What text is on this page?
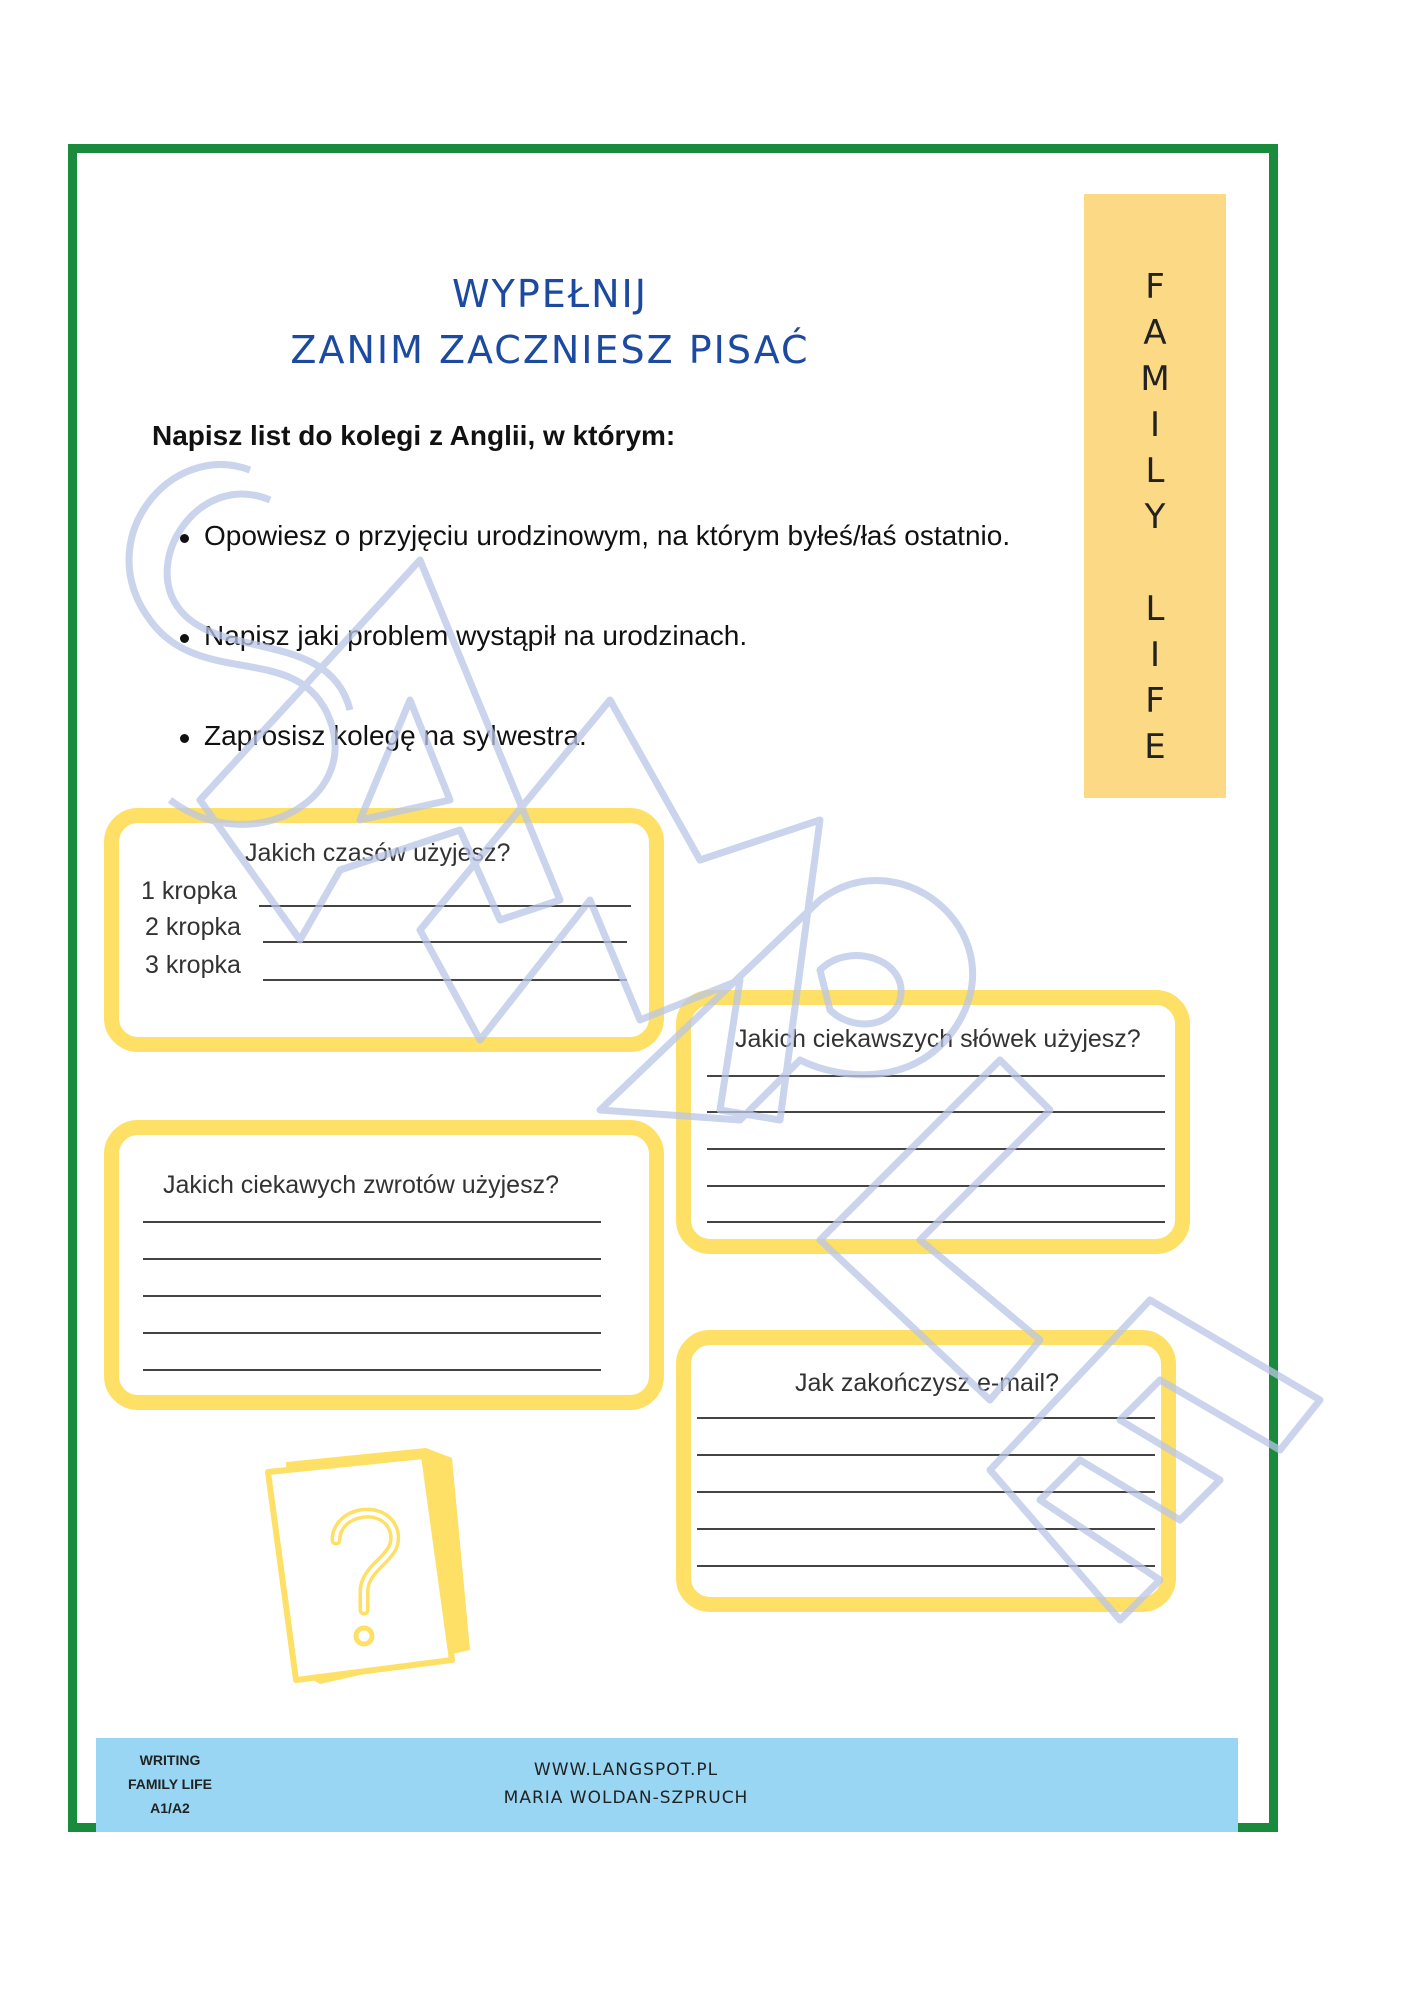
WYPEŁNIJ
ZANIM ZACZNIESZ PISAĆ
Napisz list do kolegi z Anglii, w którym:
Opowiesz o przyjęciu urodzinowym, na którym byłeś/łaś ostatnio.
Napisz jaki problem wystąpił na urodzinach.
Zaprosisz kolegę na sylwestra.
F
A
M
I
L
Y
L
I
F
E
Jakich czasów użyjesz?
1 kropka
2 kropka
3 kropka
Jakich ciekawszych słówek użyjesz?
Jakich ciekawych zwrotów użyjesz?
Jak zakończysz e-mail?
WRITING
FAMILY LIFE
A1/A2
WWW.LANGSPOT.PL
MARIA WOLDAN-SZPRUCH
